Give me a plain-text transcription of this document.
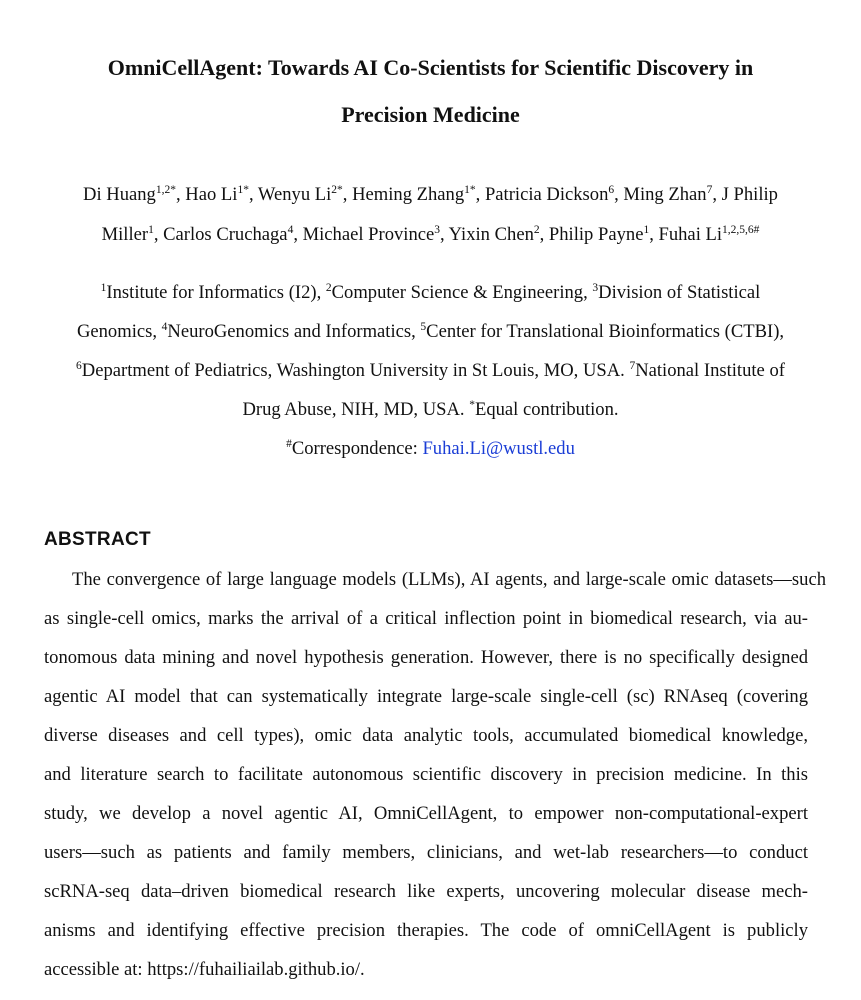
OmniCellAgent: Towards AI Co-Scientists for Scientific Discovery in
Precision Medicine
Di Huang$^{1,2*}$, Hao $Li^{1*}$, Wenyu $Li^{2*}$, Heming Zhang$^{1*}$, Patricia Dickson$^6$, Ming Zhan$^7$, J Philip
Miller$^1$, Carlos Cruchaga$^4$, Michael Province$^3$, Yixin Chen$^2$, Philip Payne$^1$, Fuhai $Li^{1,2,5,6\#}$
$^1$Institute for Informatics (I2), $^2$Computer Science & Engineering, $^3$Division of Statistical
Genomics, $^4$NeuroGenomics and Informatics, $^5$Center for Translational Bioinformatics (CTBI),
$^6$Department of Pediatrics, Washington University in St Louis, MO, USA. $^7$National Institute of
Drug Abuse, NIH, MD, USA. *Equal contribution.
#Correspondence: Fuhai.Li@wustl.edu
ABSTRACT
The convergence of large language models (LLMs), AI agents, and large-scale omic datasets—such
as single-cell omics, marks the arrival of a critical inflection point in biomedical research, via au-
tonomous data mining and novel hypothesis generation. However, there is no specifically designed
agentic AI model that can systematically integrate large-scale single-cell (sc) RNAseq (covering
diverse diseases and cell types), omic data analytic tools, accumulated biomedical knowledge,
and literature search to facilitate autonomous scientific discovery in precision medicine. In this
study, we develop a novel agentic AI, OmniCellAgent, to empower non-computational-expert
users—such as patients and family members, clinicians, and wet-lab researchers—to conduct
scRNA-seq data–driven biomedical research like experts, uncovering molecular disease mech-
anisms and identifying effective precision therapies. The code of omniCellAgent is publicly
accessible at: https://fuhailiailab.github.io/.
